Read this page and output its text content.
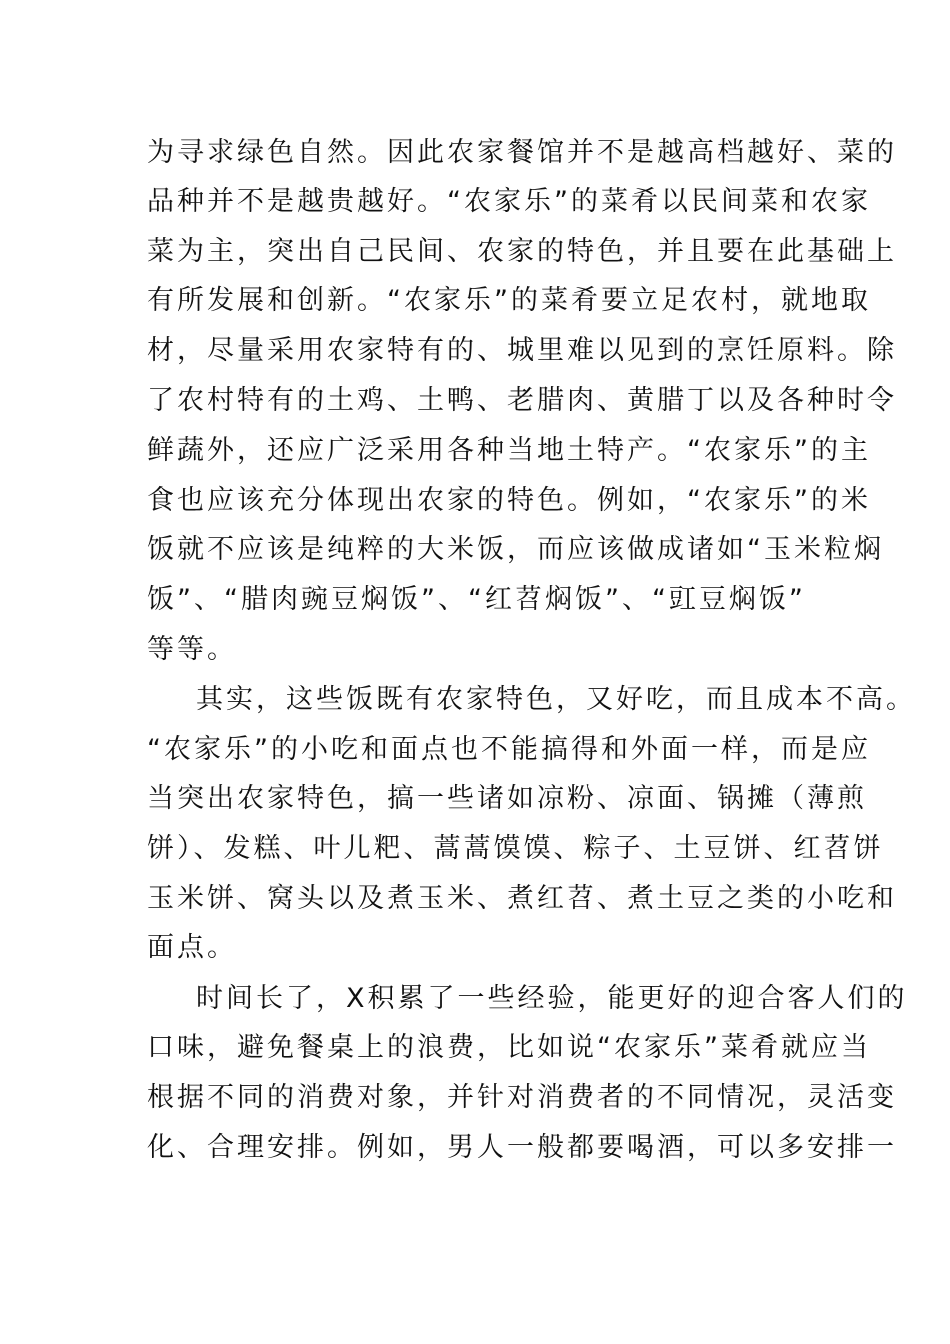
为寻求绿色自然。因此农家餐馆并不是越高档越好、菜的
品种并不是越贵越好。“农家乐”的菜肴以民间菜和农家
菜为主，突出自己民间、农家的特色，并且要在此基础上
有所发展和创新。“农家乐”的菜肴要立足农村，就地取
材，尽量采用农家特有的、城里难以见到的烹饪原料。除
了农村特有的土鸡、土鸭、老腊肉、黄腊丁以及各种时令
鲜蔬外，还应广泛采用各种当地土特产。“农家乐”的主
食也应该充分体现出农家的特色。例如，“农家乐”的米
饭就不应该是纯粹的大米饭，而应该做成诸如“玉米粒焖
饭”、“腊肉豌豆焖饭”、“红苕焖饭”、“豇豆焖饭”
等等。
其实，这些饭既有农家特色，又好吃，而且成本不高。
“农家乐”的小吃和面点也不能搞得和外面一样，而是应
当突出农家特色，搞一些诸如凉粉、凉面、锅摊（薄煎
饼）、发糕、叶儿粑、蒿蒿馍馍、粽子、土豆饼、红苕饼
玉米饼、窝头以及煮玉米、煮红苕、煮土豆之类的小吃和
面点。
时间长了，X积累了一些经验，能更好的迎合客人们的
口味，避免餐桌上的浪费，比如说“农家乐”菜肴就应当
根据不同的消费对象，并针对消费者的不同情况，灵活变
化、合理安排。例如，男人一般都要喝酒，可以多安排一
